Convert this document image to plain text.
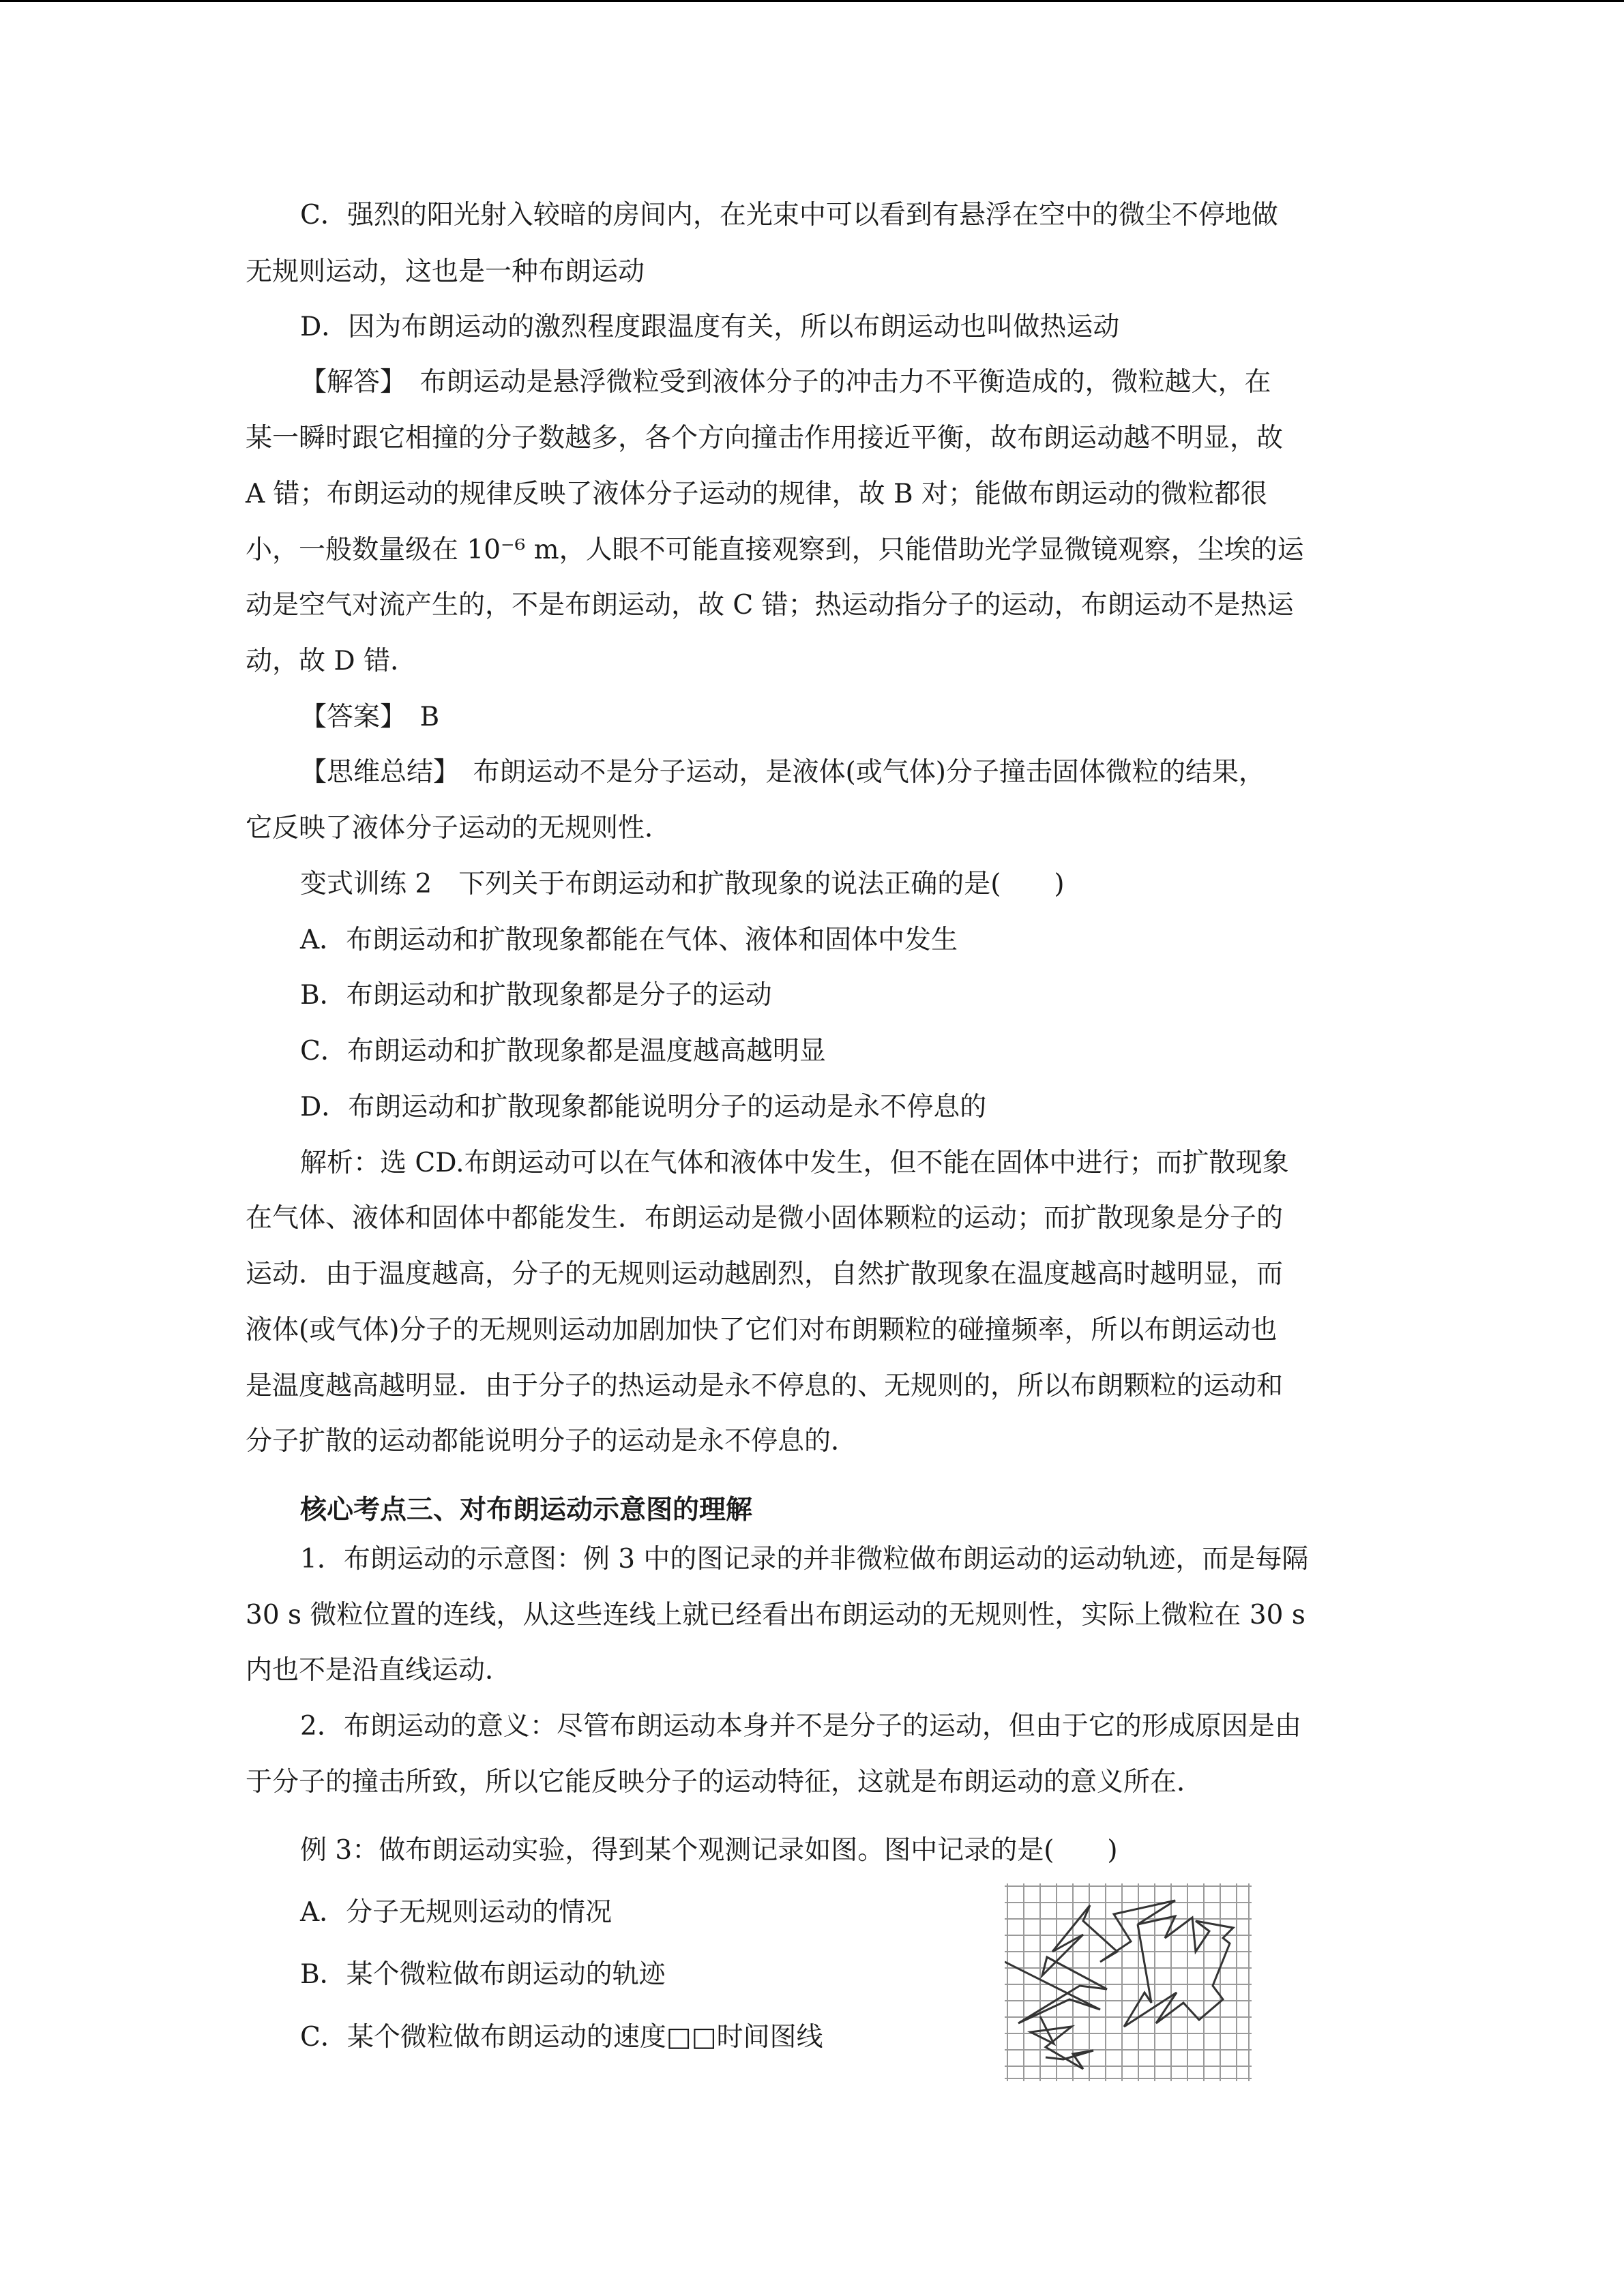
C．强烈的阳光射入较暗的房间内，在光束中可以看到有悬浮在空中的微尘不停地做
无规则运动，这也是一种布朗运动
D．因为布朗运动的激烈程度跟温度有关，所以布朗运动也叫做热运动
【解答】　布朗运动是悬浮微粒受到液体分子的冲击力不平衡造成的，微粒越大，在
某一瞬时跟它相撞的分子数越多，各个方向撞击作用接近平衡，故布朗运动越不明显，故
A 错；布朗运动的规律反映了液体分子运动的规律，故 B 对；能做布朗运动的微粒都很
小，一般数量级在 10⁻⁶ m，人眼不可能直接观察到，只能借助光学显微镜观察，尘埃的运
动是空气对流产生的，不是布朗运动，故 C 错；热运动指分子的运动，布朗运动不是热运
动，故 D 错．
【答案】　B
【思维总结】　布朗运动不是分子运动，是液体(或气体)分子撞击固体微粒的结果，
它反映了液体分子运动的无规则性．
变式训练 2　下列关于布朗运动和扩散现象的说法正确的是(　　)
A．布朗运动和扩散现象都能在气体、液体和固体中发生
B．布朗运动和扩散现象都是分子的运动
C．布朗运动和扩散现象都是温度越高越明显
D．布朗运动和扩散现象都能说明分子的运动是永不停息的
解析：选 CD.布朗运动可以在气体和液体中发生，但不能在固体中进行；而扩散现象
在气体、液体和固体中都能发生．布朗运动是微小固体颗粒的运动；而扩散现象是分子的
运动．由于温度越高，分子的无规则运动越剧烈，自然扩散现象在温度越高时越明显，而
液体(或气体)分子的无规则运动加剧加快了它们对布朗颗粒的碰撞频率，所以布朗运动也
是温度越高越明显．由于分子的热运动是永不停息的、无规则的，所以布朗颗粒的运动和
分子扩散的运动都能说明分子的运动是永不停息的．
核心考点三、对布朗运动示意图的理解
1．布朗运动的示意图：例 3 中的图记录的并非微粒做布朗运动的运动轨迹，而是每隔
30 s 微粒位置的连线，从这些连线上就已经看出布朗运动的无规则性，实际上微粒在 30 s
内也不是沿直线运动．
2．布朗运动的意义：尽管布朗运动本身并不是分子的运动，但由于它的形成原因是由
于分子的撞击所致，所以它能反映分子的运动特征，这就是布朗运动的意义所在．
例 3：做布朗运动实验，得到某个观测记录如图。图中记录的是(　　)
A．分子无规则运动的情况
B．某个微粒做布朗运动的轨迹
C．某个微粒做布朗运动的速度□□时间图线
